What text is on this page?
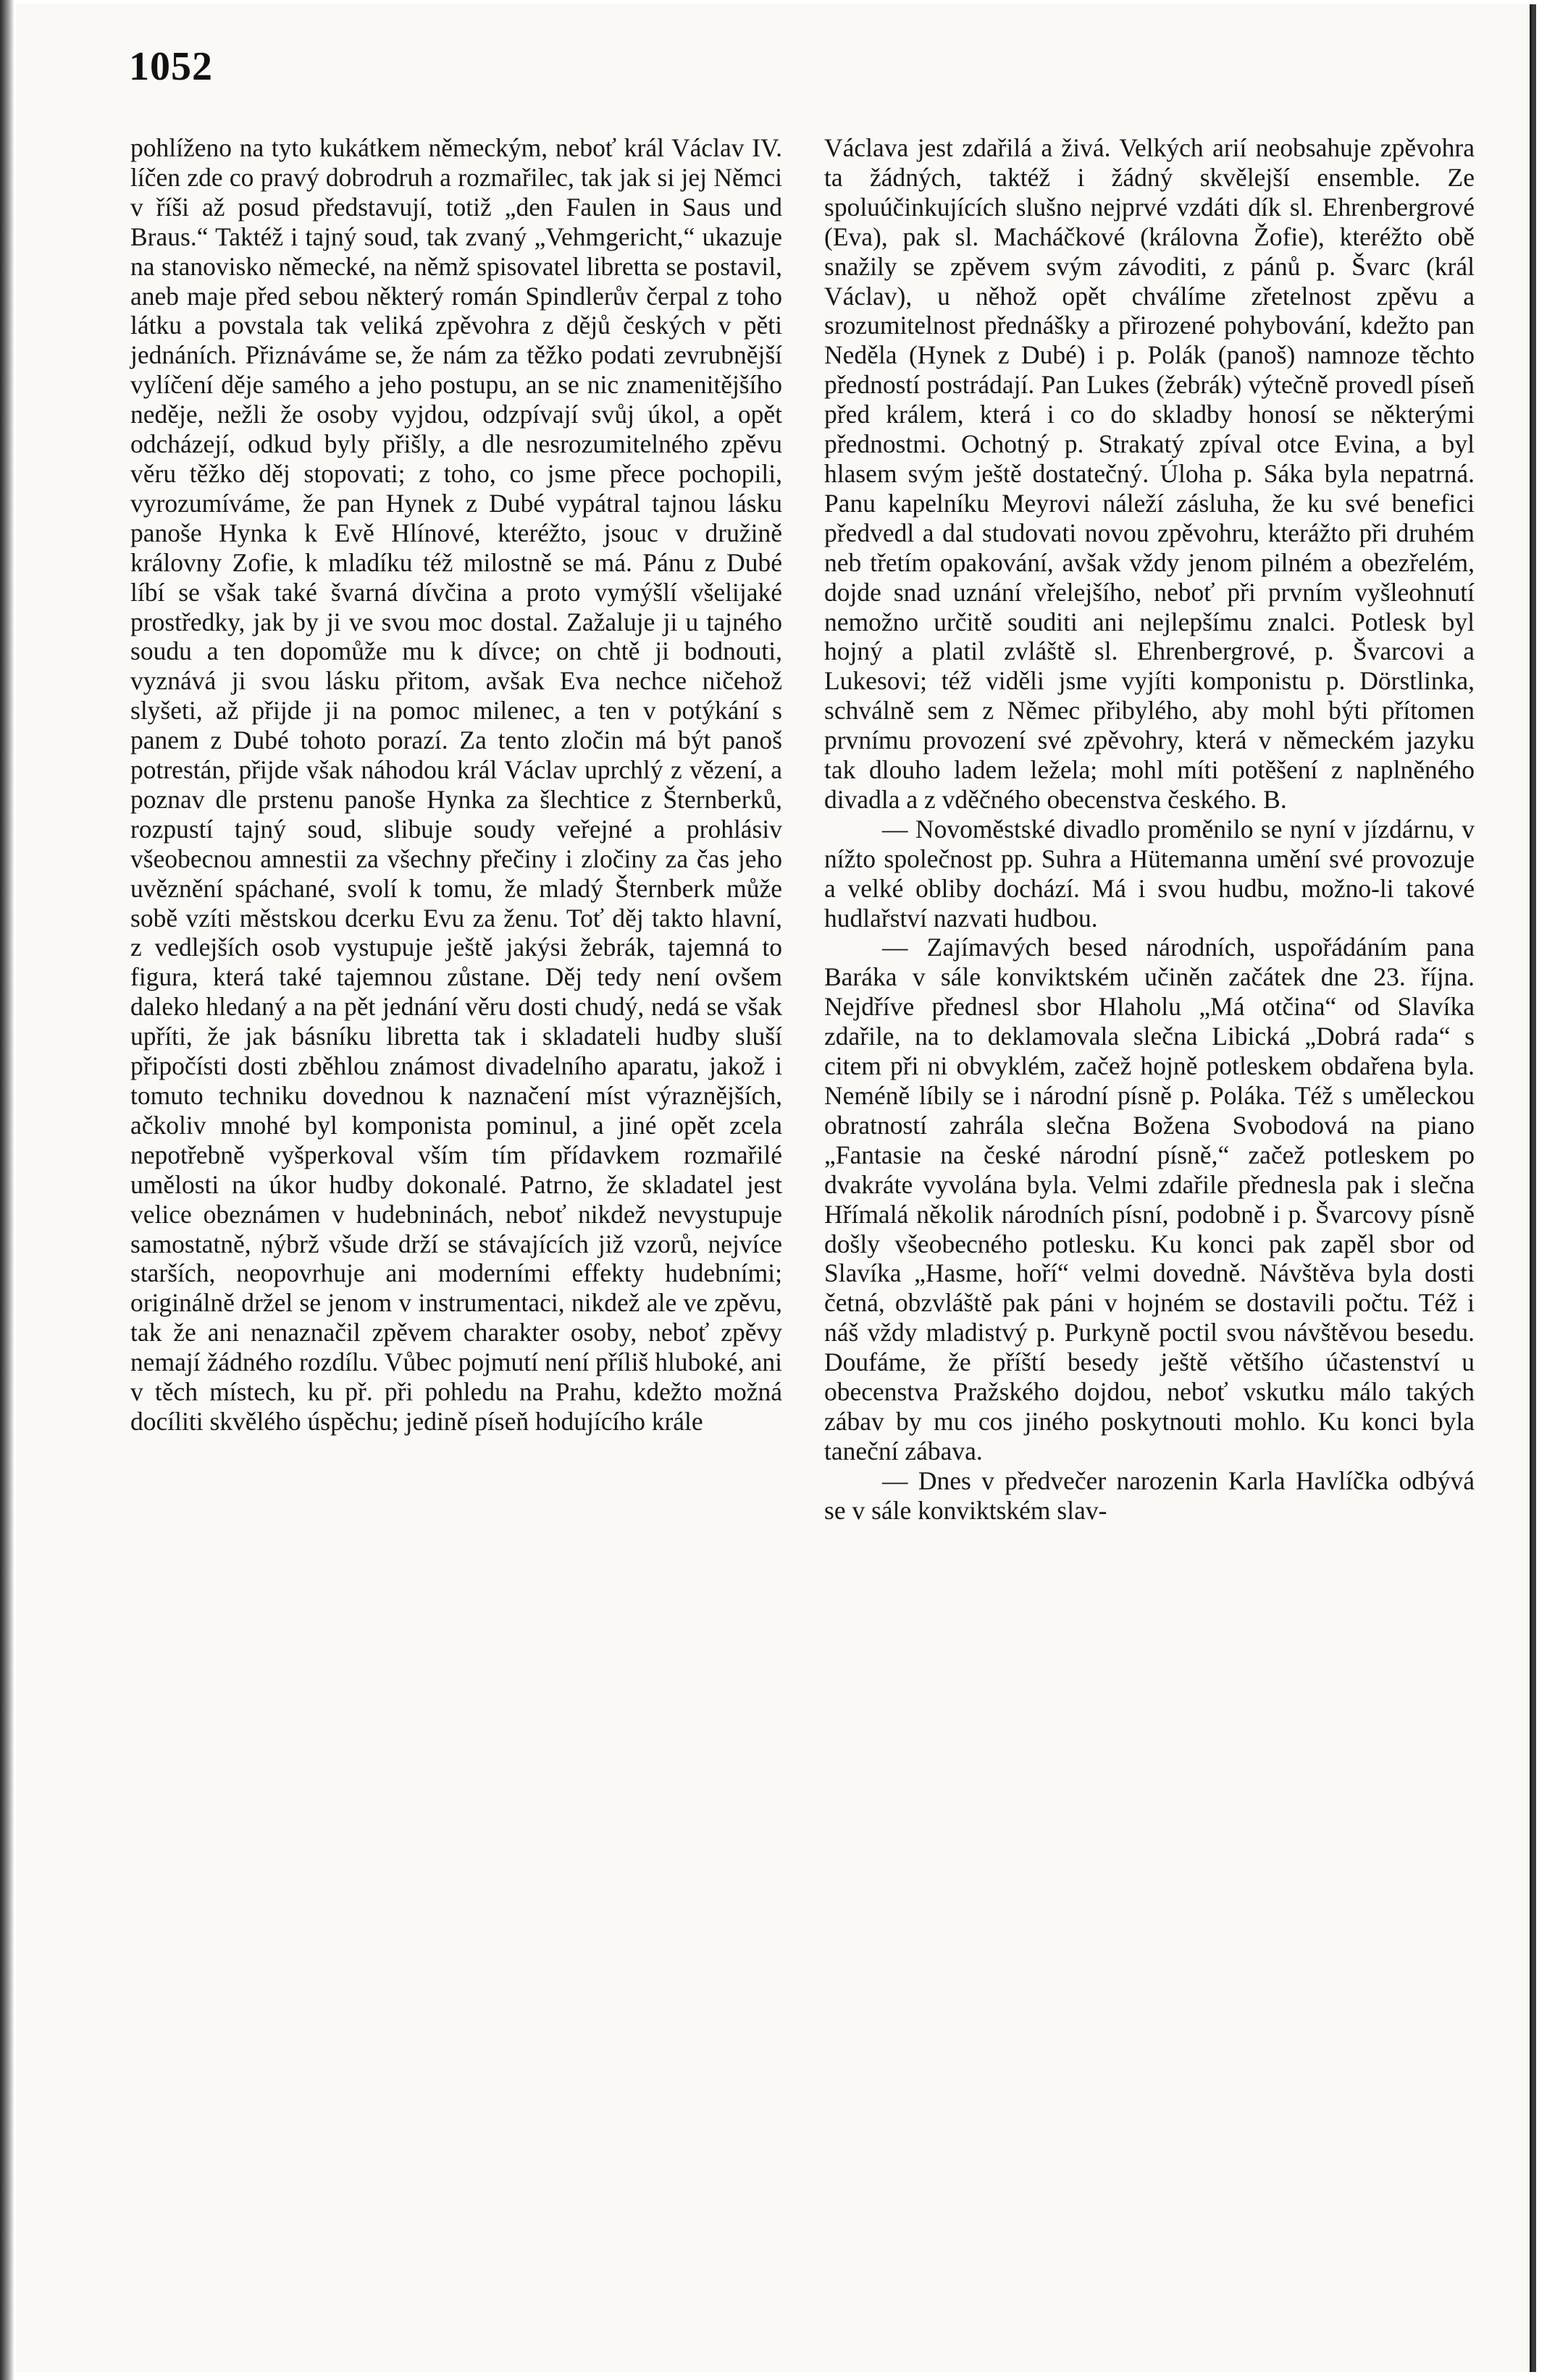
1052

pohlíženo na tyto kukátkem německým, neboť král Václav IV. líčen zde co pravý dobrodruh a rozmařilec, tak jak si jej Němci v říši až posud představují, totiž „den Faulen in Saus und Braus.“ Taktéž i tajný soud, tak zvaný „Vehmgericht,“ ukazuje na stanovisko německé, na němž spisovatel libretta se postavil, aneb maje před sebou některý román Spindlerův čerpal z toho látku a povstala tak veliká zpěvohra z dějů českých v pěti jednáních. Přiznáváme se, že nám za těžko podati zevrubnější vylíčení děje samého a jeho postupu, an se nic znamenitějšího neděje, nežli že osoby vyjdou, odzpívají svůj úkol, a opět odcházejí, odkud byly přišly, a dle nesrozumitelného zpěvu věru těžko děj stopovati; z toho, co jsme přece pochopili, vyrozumíváme, že pan Hynek z Dubé vypátral tajnou lásku panoše Hynka k Evě Hlínové, kteréžto, jsouc v družině královny Zofie, k mladíku též milostně se má. Pánu z Dubé líbí se však také švarná dívčina a proto vymýšlí všelijaké prostředky, jak by ji ve svou moc dostal. Zažaluje ji u tajného soudu a ten dopomůže mu k dívce; on chtě ji bodnouti, vyznává ji svou lásku přitom, avšak Eva nechce ničehož slyšeti, až přijde ji na pomoc milenec, a ten v potýkání s panem z Dubé tohoto porazí. Za tento zločin má být panoš potrestán, přijde však náhodou král Václav uprchlý z vězení, a poznav dle prstenu panoše Hynka za šlechtice z Šternberků, rozpustí tajný soud, slibuje soudy veřejné a prohlásiv všeobecnou amnestii za všechny přečiny i zločiny za čas jeho uvěznění spáchané, svolí k tomu, že mladý Šternberk může sobě vzíti městskou dcerku Evu za ženu. Toť děj takto hlavní, z vedlejších osob vystupuje ještě jakýsi žebrák, tajemná to figura, která také tajemnou zůstane. Děj tedy není ovšem daleko hledaný a na pět jednání věru dosti chudý, nedá se však upříti, že jak básníku libretta tak i skladateli hudby sluší připočísti dosti zběhlou známost divadelního aparatu, jakož i tomuto techniku dovednou k naznačení míst výraznějších, ačkoliv mnohé byl komponista pominul, a jiné opět zcela nepotřebně vyšperkoval vším tím přídavkem rozmařilé umělosti na úkor hudby dokonalé. Patrno, že skladatel jest velice obeznámen v hudebninách, neboť nikdež nevystupuje samostatně, nýbrž všude drží se stávajících již vzorů, nejvíce starších, neopovrhuje ani moderními effekty hudebními; originálně držel se jenom v instrumentaci, nikdež ale ve zpěvu, tak že ani nenaznačil zpěvem charakter osoby, neboť zpěvy nemají žádného rozdílu. Vůbec pojmutí není příliš hluboké, ani v těch místech, ku př. při pohledu na Prahu, kdežto možná docíliti skvělého úspěchu; jedině píseň hodujícího krále

Václava jest zdařilá a živá. Velkých arií neobsahuje zpěvohra ta žádných, taktéž i žádný skvělejší ensemble. Ze spoluúčinkujících slušno nejprvé vzdáti dík sl. Ehrenbergrové (Eva), pak sl. Macháčkové (královna Žofie), kteréžto obě snažily se zpěvem svým závoditi, z pánů p. Švarc (král Václav), u něhož opět chválíme zřetelnost zpěvu a srozumitelnost přednášky a přirozené pohybování, kdežto pan Neděla (Hynek z Dubé) i p. Polák (panoš) namnoze těchto předností postrádají. Pan Lukes (žebrák) výtečně provedl píseň před králem, která i co do skladby honosí se některými přednostmi. Ochotný p. Strakatý zpíval otce Evina, a byl hlasem svým ještě dostatečný. Úloha p. Sáka byla nepatrná. Panu kapelníku Meyrovi náleží zásluha, že ku své benefici předvedl a dal studovati novou zpěvohru, kterážto při druhém neb třetím opakování, avšak vždy jenom pilném a obezřelém, dojde snad uznání vřelejšího, neboť při prvním vyšleohnutí nemožno určitě souditi ani nejlepšímu znalci. Potlesk byl hojný a platil zvláště sl. Ehrenbergrové, p. Švarcovi a Lukesovi; též viděli jsme vyjíti komponistu p. Dörstlinka, schválně sem z Němec přibylého, aby mohl býti přítomen prvnímu provození své zpěvohry, která v německém jazyku tak dlouho ladem ležela; mohl míti potěšení z naplněného divadla a z vděčného obecenstva českého. B.

— Novoměstské divadlo proměnilo se nyní v jízdárnu, v nížto společnost pp. Suhra a Hütemanna umění své provozuje a velké obliby dochází. Má i svou hudbu, možno-li takové hudlařství nazvati hudbou.

— Zajímavých besed národních, uspořádáním pana Baráka v sále konviktském učiněn začátek dne 23. října. Nejdříve přednesl sbor Hlaholu „Má otčina“ od Slavíka zdařile, na to deklamovala slečna Libická „Dobrá rada“ s citem při ni obvyklém, začež hojně potleskem obdařena byla. Neméně líbily se i národní písně p. Poláka. Též s uměleckou obratností zahrála slečna Božena Svobodová na piano „Fantasie na české národní písně,“ začež potleskem po dvakráte vyvolána byla. Velmi zdařile přednesla pak i slečna Hřímalá několik národních písní, podobně i p. Švarcovy písně došly všeobecného potlesku. Ku konci pak zapěl sbor od Slavíka „Hasme, hoří“ velmi dovedně. Návštěva byla dosti četná, obzvláště pak páni v hojném se dostavili počtu. Též i náš vždy mladistvý p. Purkyně poctil svou návštěvou besedu. Doufáme, že příští besedy ještě většího účastenství u obecenstva Pražského dojdou, neboť vskutku málo takých zábav by mu cos jiného poskytnouti mohlo. Ku konci byla taneční zábava.

— Dnes v předvečer narozenin Karla Havlíčka odbývá se v sále konviktském slav-
